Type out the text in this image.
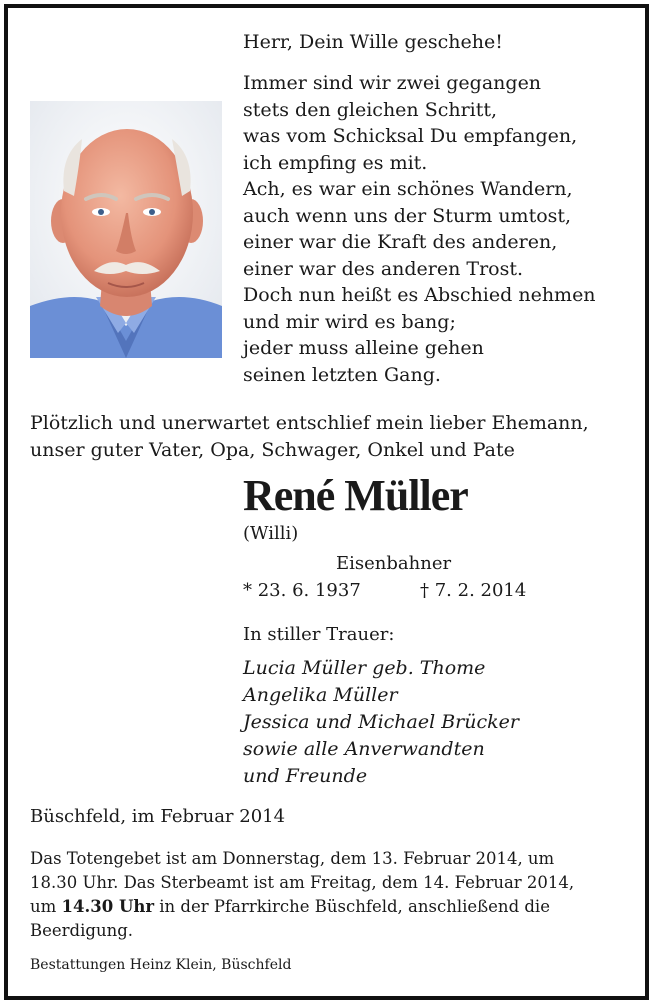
Herr, Dein Wille geschehe!
Immer sind wir zwei gegangen
stets den gleichen Schritt,
was vom Schicksal Du empfangen,
ich empfing es mit.
Ach, es war ein schönes Wandern,
auch wenn uns der Sturm umtost,
einer war die Kraft des anderen,
einer war des anderen Trost.
Doch nun heißt es Abschied nehmen
und mir wird es bang;
jeder muss alleine gehen
seinen letzten Gang.
Plötzlich und unerwartet entschlief mein lieber Ehemann, unser guter Vater, Opa, Schwager, Onkel und Pate
René Müller
(Willi)
Eisenbahner
* 23. 6. 1937	† 7. 2. 2014
In stiller Trauer:
Lucia Müller geb. Thome
Angelika Müller
Jessica und Michael Brücker
sowie alle Anverwandten
und Freunde
Büschfeld, im Februar 2014

Das Totengebet ist am Donnerstag, dem 13. Februar 2014, um

18.30 Uhr. Das Sterbeamt ist am Freitag, dem 14. Februar 2014,

um 14.30 Uhr in der Pfarrkirche Büschfeld, anschließend die

Beerdigung.

Bestattungen Heinz Klein, Büschfeld
